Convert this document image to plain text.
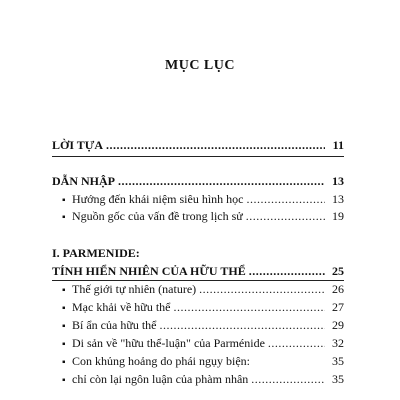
MỤC LỤC
LỜI TỰA .....	11
DẪN NHẬP .....	13
▪ Hướng đến khái niệm siêu hình học .....	13
▪ Nguồn gốc của vấn đề trong lịch sử .....	19
I. PARMENIDE:
TÍNH HIỂN NHIÊN CỦA HỮU THỂ .....	25
▪ Thế giới tự nhiên (nature) .....	26
▪ Mạc khải về hữu thể .....	27
▪ Bí ẩn của hữu thể .....	29
▪ Di sản về "hữu thể-luận" của Parménide .....	32
▪ Con khủng hoảng do phái ngụy biện:	35
▪ chỉ còn lại ngôn luận của phàm nhân .....	35
